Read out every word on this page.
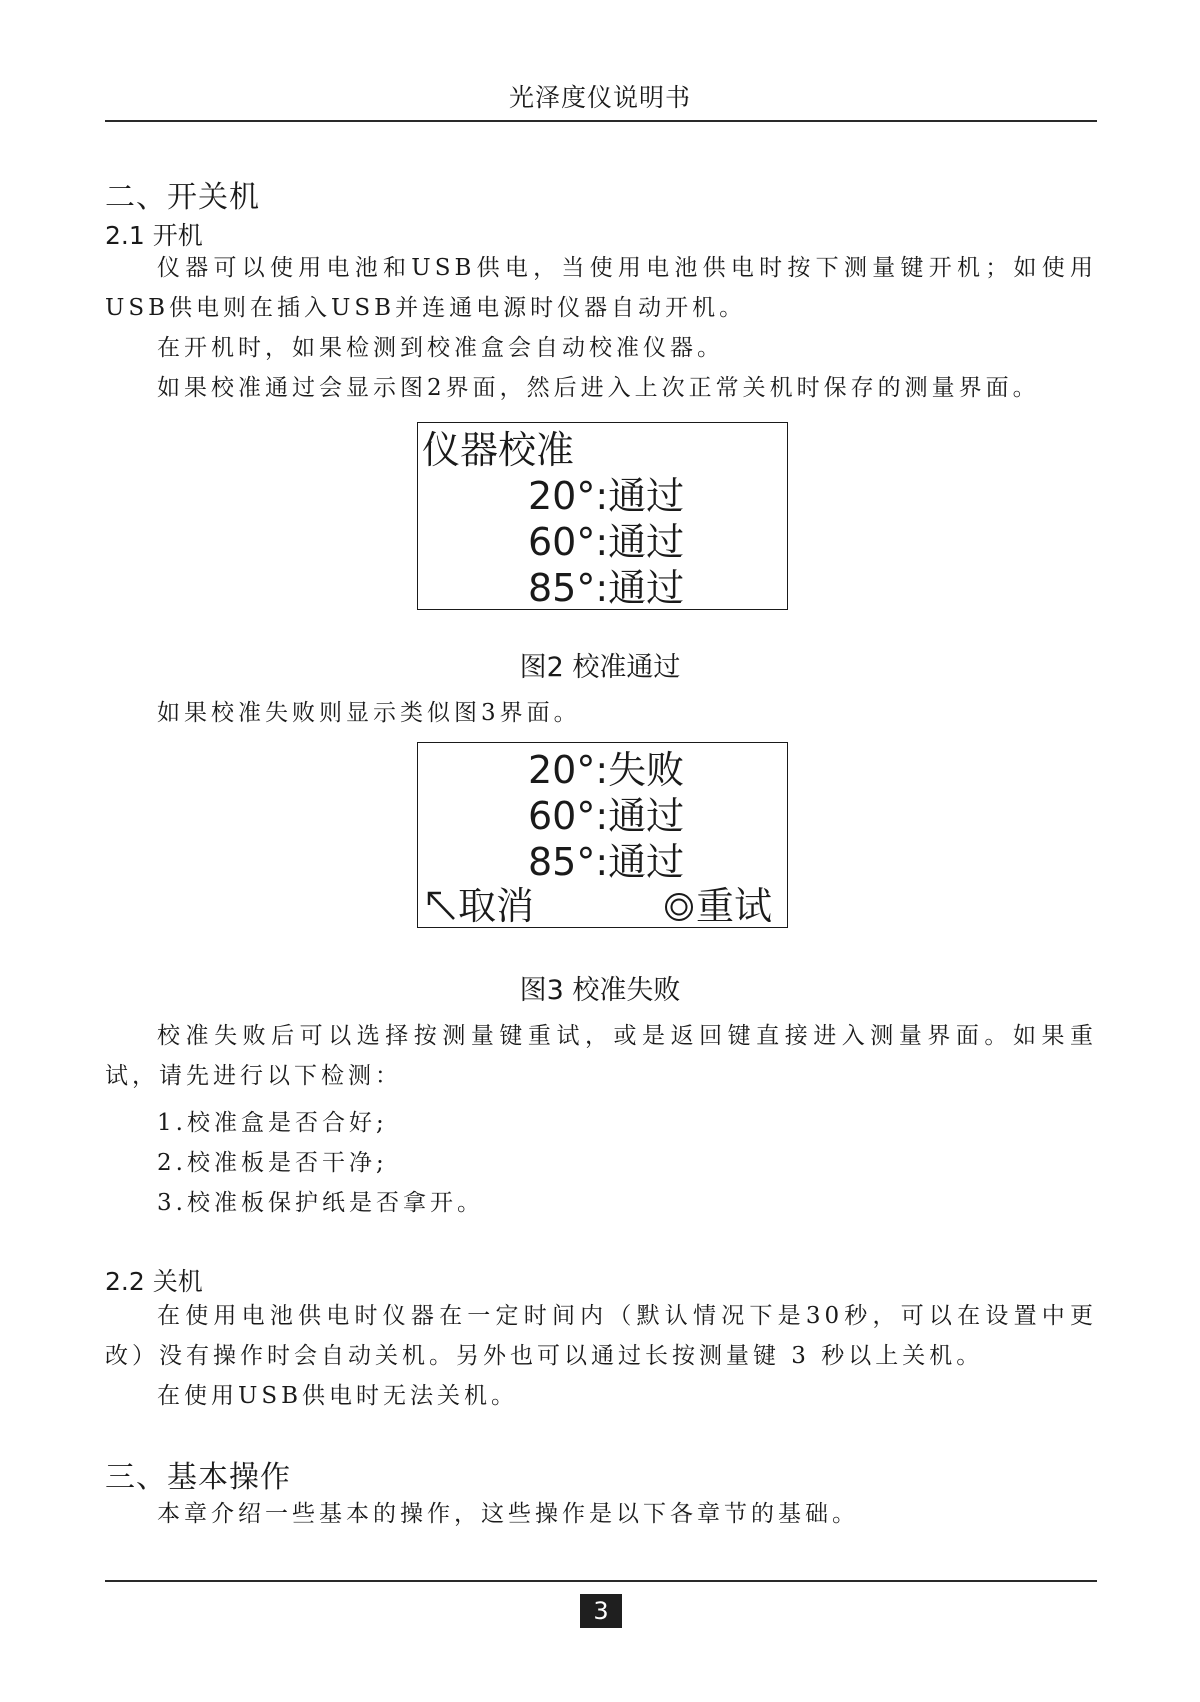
光泽度仪说明书
二、开关机
2.1 开机
仪器可以使用电池和USB供电，当使用电池供电时按下测量键开机；如使用USB供电则在插入USB并连通电源时仪器自动开机。
在开机时，如果检测到校准盒会自动校准仪器。
如果校准通过会显示图2界面，然后进入上次正常关机时保存的测量界面。
仪器校准
20°:通过
60°:通过
85°:通过
图2 校准通过
如果校准失败则显示类似图3界面。
20°:失败
60°:通过
85°:通过
取消	重试
图3 校准失败
校准失败后可以选择按测量键重试，或是返回键直接进入测量界面。如果重试，请先进行以下检测：
1.校准盒是否合好;
2.校准板是否干净;
3.校准板保护纸是否拿开。
2.2 关机
在使用电池供电时仪器在一定时间内（默认情况下是30秒，可以在设置中更改）没有操作时会自动关机。另外也可以通过长按测量键 3 秒以上关机。
在使用USB供电时无法关机。
三、基本操作
本章介绍一些基本的操作，这些操作是以下各章节的基础。
3
